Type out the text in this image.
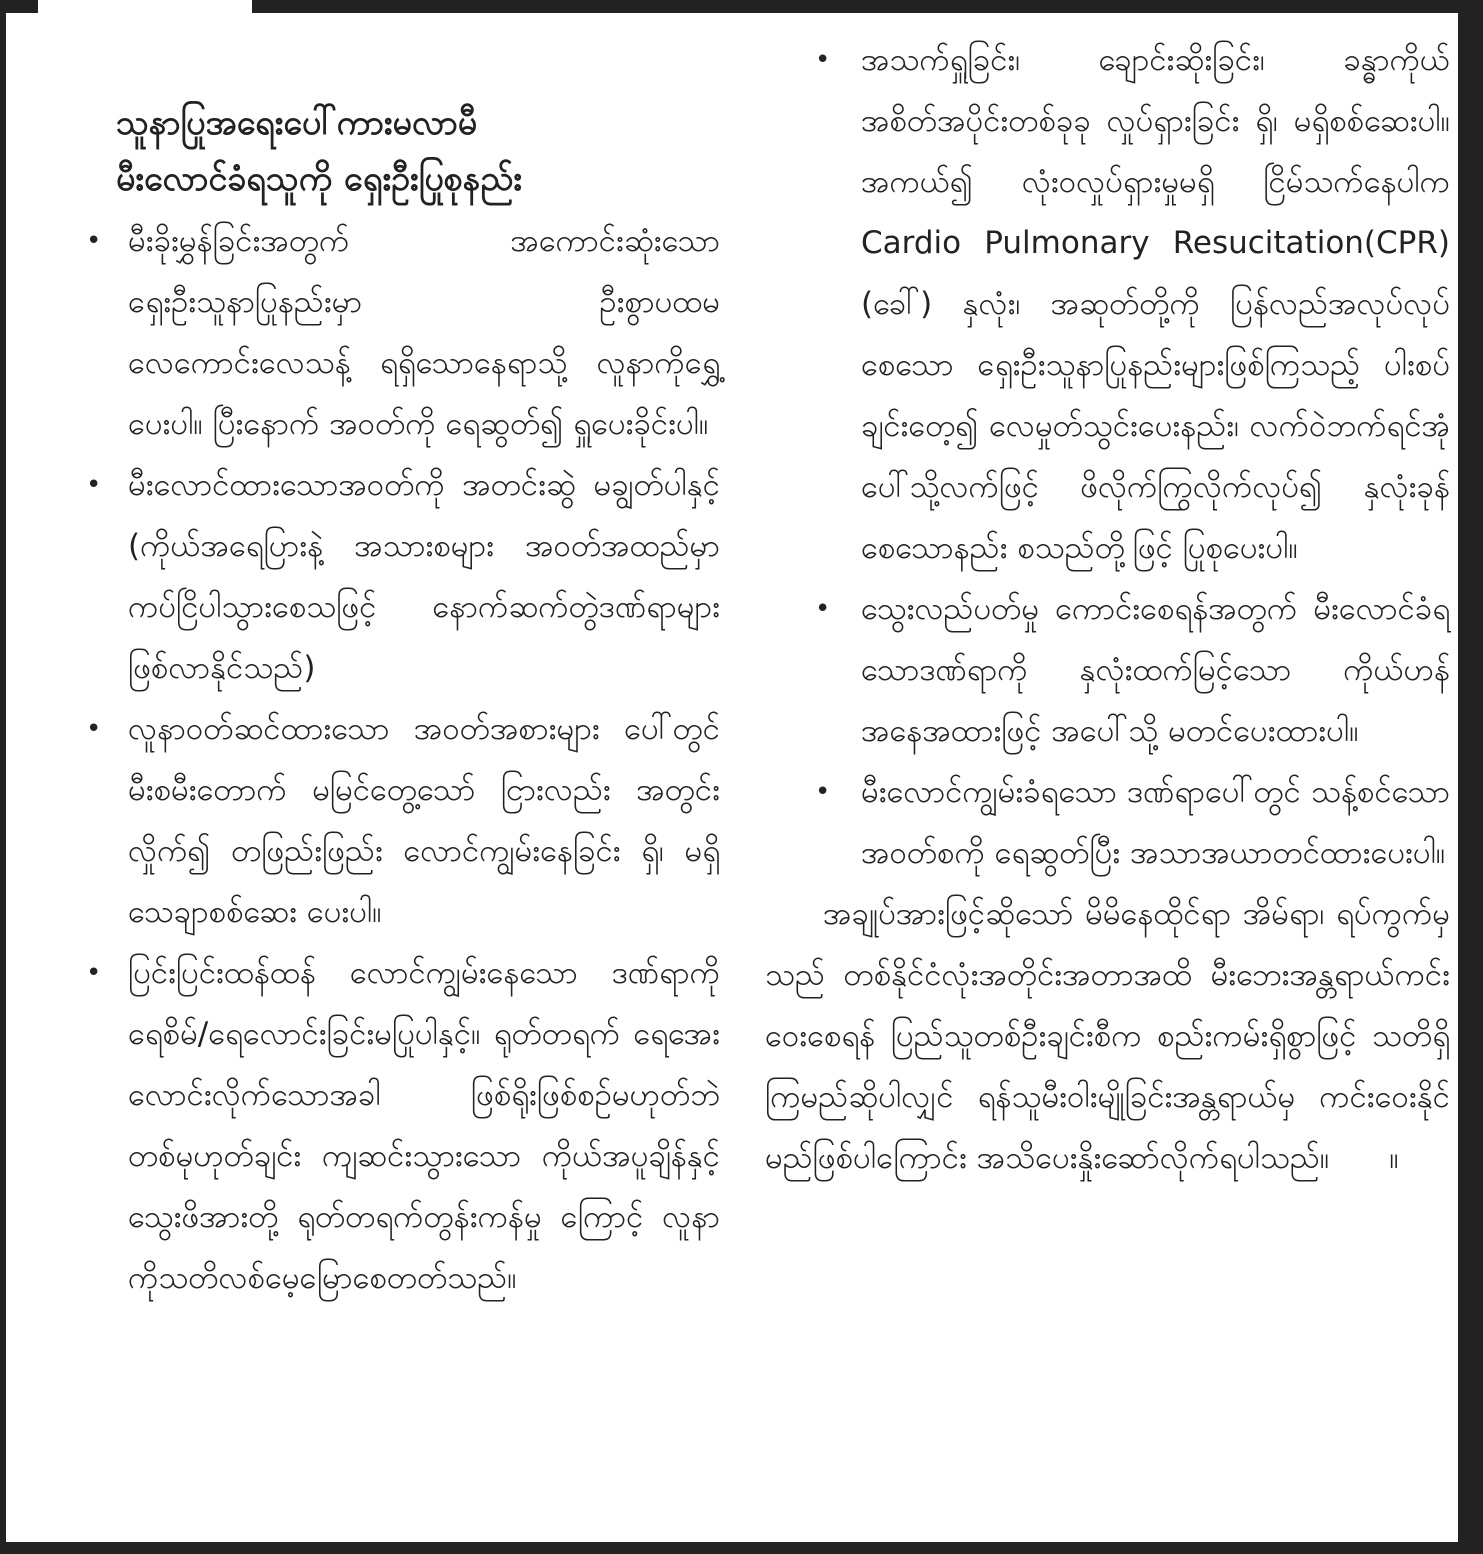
သူနာပြုအရေးပေါ်ကားမလာမီ
မီးလောင်ခံရသူကို ရှေးဦးပြုစုနည်း
• မီးခိုးမွှန်ခြင်းအတွက် အကောင်းဆုံးသော ရှေးဦးသူနာပြုနည်းမှာ ဦးစွာပထမ လေကောင်းလေသန့် ရရှိသောနေရာသို့ လူနာကိုရွှေ့ပေးပါ။ ပြီးနောက် အဝတ်ကို ရေဆွတ်၍ ရှူပေးခိုင်းပါ။
• မီးလောင်ထားသောအဝတ်ကို အတင်းဆွဲ မချွတ်ပါနှင့် (ကိုယ်အရေပြားနဲ့ အသားစများ အဝတ်အထည်မှာ ကပ်ငြိပါသွားစေသဖြင့် နောက်ဆက်တွဲဒဏ်ရာများဖြစ်လာနိုင်သည်)
• လူနာဝတ်ဆင်ထားသော အဝတ်အစားများ ပေါ်တွင် မီးစမီးတောက် မမြင်တွေ့သော် ငြားလည်း အတွင်းလှိုက်၍ တဖြည်းဖြည်း လောင်ကျွမ်းနေခြင်း ရှိ၊ မရှိ သေချာစစ်ဆေး ပေးပါ။
• ပြင်းပြင်းထန်ထန် လောင်ကျွမ်းနေသော ဒဏ်ရာကို ရေစိမ်/ရေလောင်းခြင်းမပြုပါနှင့်။ ရုတ်တရက် ရေအေးလောင်းလိုက်သောအခါ ဖြစ်ရိုးဖြစ်စဉ်မဟုတ်ဘဲ တစ်မုဟုတ်ချင်း ကျဆင်းသွားသော ကိုယ်အပူချိန်နှင့် သွေးဖိအားတို့ ရုတ်တရက်တွန်းကန်မှု ကြောင့် လူနာကိုသတိလစ်မေ့မြောစေတတ်သည်။
• အသက်ရှူခြင်း၊ ချောင်းဆိုးခြင်း၊ ခန္ဓာကိုယ်အစိတ်အပိုင်းတစ်ခုခု လှုပ်ရှားခြင်း ရှိ၊ မရှိစစ်ဆေးပါ။ အကယ်၍ လုံးဝလှုပ်ရှားမှုမရှိ ငြိမ်သက်နေပါက Cardio Pulmonary Resucitation(CPR) (ခေါ်) နှလုံး၊ အဆုတ်တို့ကို ပြန်လည်အလုပ်လုပ်စေသော ရှေးဦးသူနာပြုနည်းများဖြစ်ကြသည့် ပါးစပ်ချင်းတေ့၍ လေမှုတ်သွင်းပေးနည်း၊ လက်ဝဲဘက်ရင်အုံပေါ်သို့လက်ဖြင့် ဖိလိုက်ကြွလိုက်လုပ်၍ နှလုံးခုန်စေသောနည်း စသည်တို့ဖြင့် ပြုစုပေးပါ။
• သွေးလည်ပတ်မှု ကောင်းစေရန်အတွက် မီးလောင်ခံရသောဒဏ်ရာကို နှလုံးထက်မြင့်သော ကိုယ်ဟန်အနေအထားဖြင့် အပေါ်သို့ မတင်ပေးထားပါ။
• မီးလောင်ကျွမ်းခံရသော ဒဏ်ရာပေါ်တွင် သန့်စင်သောအဝတ်စကို ရေဆွတ်ပြီး အသာအယာတင်ထားပေးပါ။

အချုပ်အားဖြင့်ဆိုသော် မိမိနေထိုင်ရာ အိမ်ရာ၊ ရပ်ကွက်မှသည် တစ်နိုင်ငံလုံးအတိုင်းအတာအထိ မီးဘေးအန္တရာယ်ကင်းဝေးစေရန် ပြည်သူတစ်ဦးချင်းစီက စည်းကမ်းရှိစွာဖြင့် သတိရှိကြမည်ဆိုပါလျှင် ရန်သူမီးဝါးမျိုခြင်းအန္တရာယ်မှ ကင်းဝေးနိုင်မည်ဖြစ်ပါကြောင်း အသိပေးနှိုးဆော်လိုက်ရပါသည်။ ။
